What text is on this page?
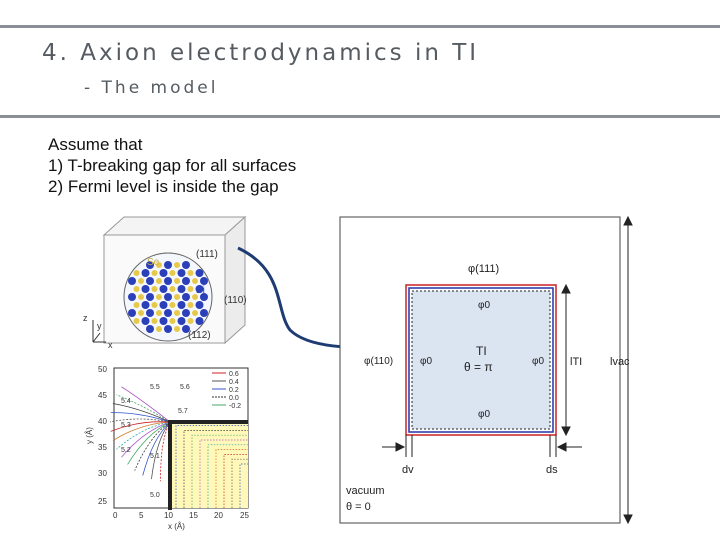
4. Axion electrodynamics in TI
- The model
Assume that
1) T-breaking gap for all surfaces
2) Fermi level is inside the gap
(111)
(110)
(112)
Se
Bi
z
y
x
50
45
40
35
30
25
0	5	10 15 20 25
y (Å)
x (Å)
0.6
0.4
0.2
0.0
-0.2
5.5	5.6
5.4
5.3
5.7
5.2
5.1
5.0
φ(111)
φ0
φ0	φ0
φ0
φ(110)
TI
θ = π	lTI	lvac
dv	ds
vacuum
θ = 0
